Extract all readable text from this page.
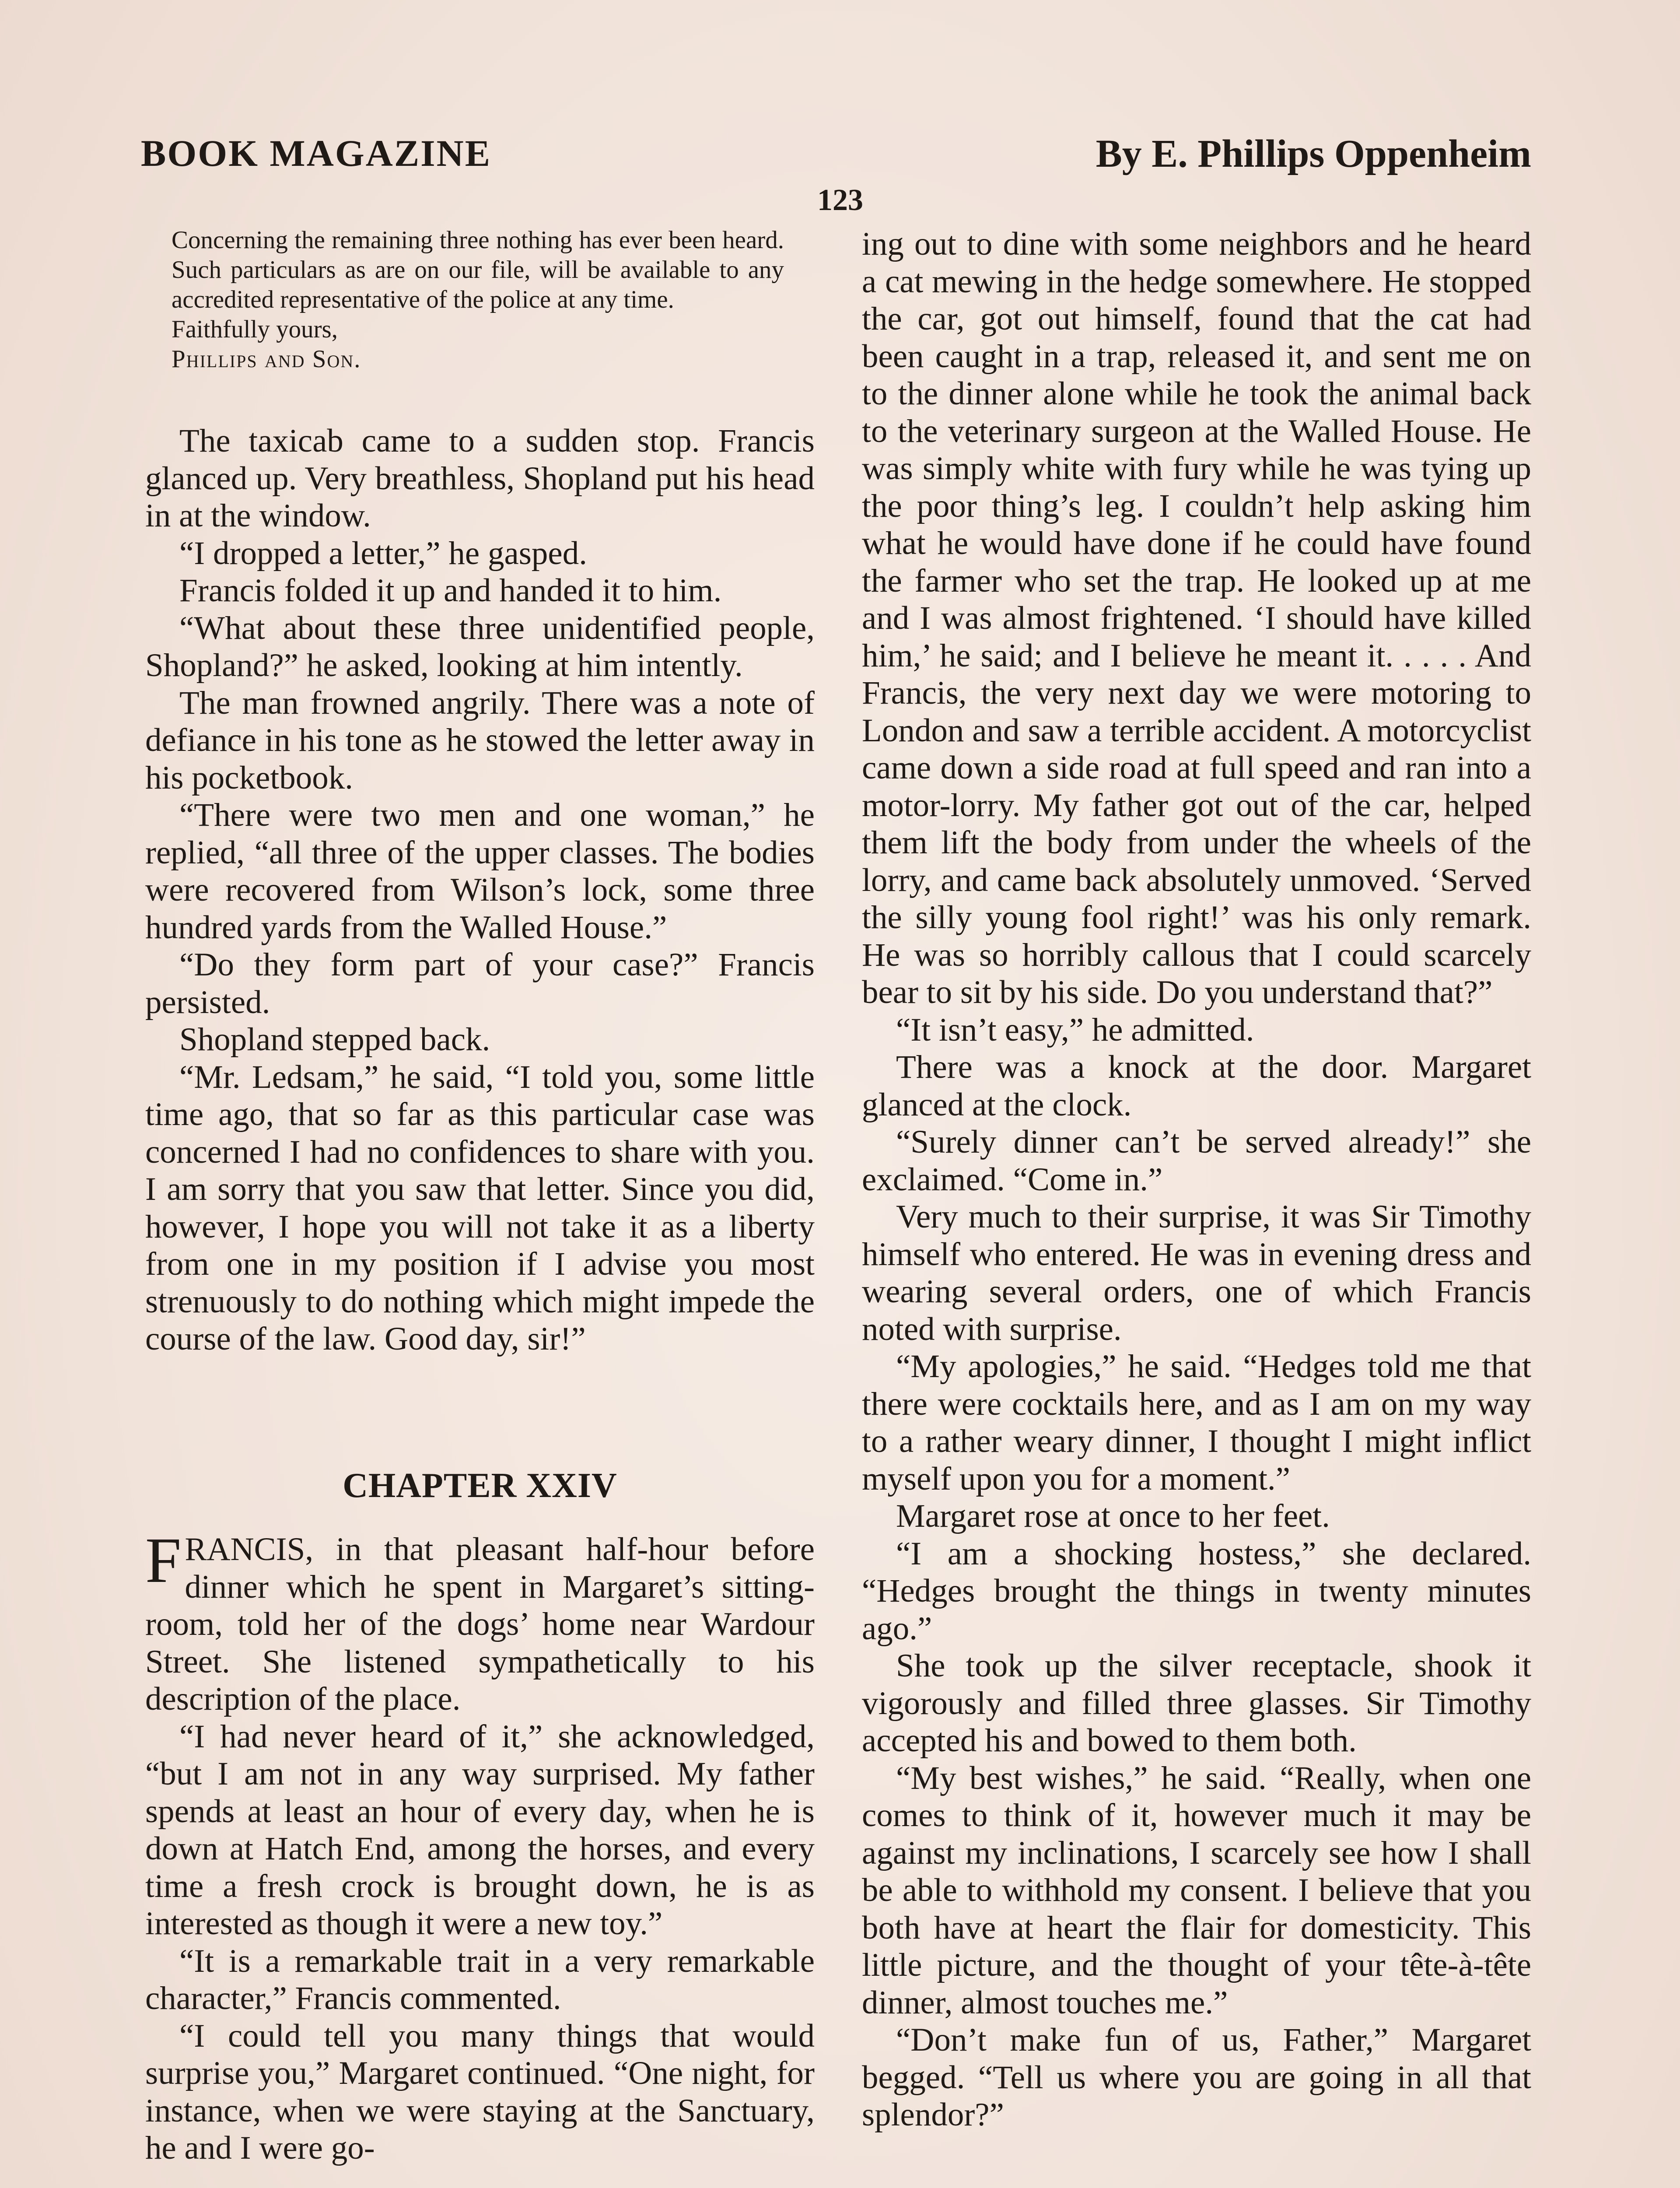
BOOK MAGAZINE	By E. Phillips Oppenheim
123

Concerning the remaining three nothing has ever been heard. Such particulars as are on our file, will be available to any accredited representative of the police at any time.

Faithfully yours,

Phillips and Son.

The taxicab came to a sudden stop. Francis glanced up. Very breathless, Shopland put his head in at the window.

“I dropped a letter,” he gasped.

Francis folded it up and handed it to him.

“What about these three unidentified people, Shopland?” he asked, looking at him intently.

The man frowned angrily. There was a note of defiance in his tone as he stowed the letter away in his pocketbook.

“There were two men and one woman,” he replied, “all three of the upper classes. The bodies were recovered from Wilson’s lock, some three hundred yards from the Walled House.”

“Do they form part of your case?” Francis persisted.

Shopland stepped back.

“Mr. Ledsam,” he said, “I told you, some little time ago, that so far as this particular case was concerned I had no confidences to share with you. I am sorry that you saw that letter. Since you did, however, I hope you will not take it as a liberty from one in my position if I advise you most strenuously to do nothing which might impede the course of the law. Good day, sir!”

CHAPTER XXIV

FRANCIS, in that pleasant half-hour before dinner which he spent in Margaret’s sitting-room, told her of the dogs’ home near Wardour Street. She listened sympathetically to his description of the place.

“I had never heard of it,” she acknowledged, “but I am not in any way surprised. My father spends at least an hour of every day, when he is down at Hatch End, among the horses, and every time a fresh crock is brought down, he is as interested as though it were a new toy.”

“It is a remarkable trait in a very remarkable character,” Francis commented.

“I could tell you many things that would surprise you,” Margaret continued. “One night, for instance, when we were staying at the Sanctuary, he and I were go-

ing out to dine with some neighbors and he heard a cat mewing in the hedge somewhere. He stopped the car, got out himself, found that the cat had been caught in a trap, released it, and sent me on to the dinner alone while he took the animal back to the veterinary surgeon at the Walled House. He was simply white with fury while he was tying up the poor thing’s leg. I couldn’t help asking him what he would have done if he could have found the farmer who set the trap. He looked up at me and I was almost frightened. ‘I should have killed him,’ he said; and I believe he meant it. . . . . And Francis, the very next day we were motoring to London and saw a terrible accident. A motorcyclist came down a side road at full speed and ran into a motor-lorry. My father got out of the car, helped them lift the body from under the wheels of the lorry, and came back absolutely unmoved. ‘Served the silly young fool right!’ was his only remark. He was so horribly callous that I could scarcely bear to sit by his side. Do you understand that?”

“It isn’t easy,” he admitted.

There was a knock at the door. Margaret glanced at the clock.

“Surely dinner can’t be served already!” she exclaimed. “Come in.”

Very much to their surprise, it was Sir Timothy himself who entered. He was in evening dress and wearing several orders, one of which Francis noted with surprise.

“My apologies,” he said. “Hedges told me that there were cocktails here, and as I am on my way to a rather weary dinner, I thought I might inflict myself upon you for a moment.”

Margaret rose at once to her feet.

“I am a shocking hostess,” she declared. “Hedges brought the things in twenty minutes ago.”

She took up the silver receptacle, shook it vigorously and filled three glasses. Sir Timothy accepted his and bowed to them both.

“My best wishes,” he said. “Really, when one comes to think of it, however much it may be against my inclinations, I scarcely see how I shall be able to withhold my consent. I believe that you both have at heart the flair for domesticity. This little picture, and the thought of your tête-à-tête dinner, almost touches me.”

“Don’t make fun of us, Father,” Margaret begged. “Tell us where you are going in all that splendor?”
